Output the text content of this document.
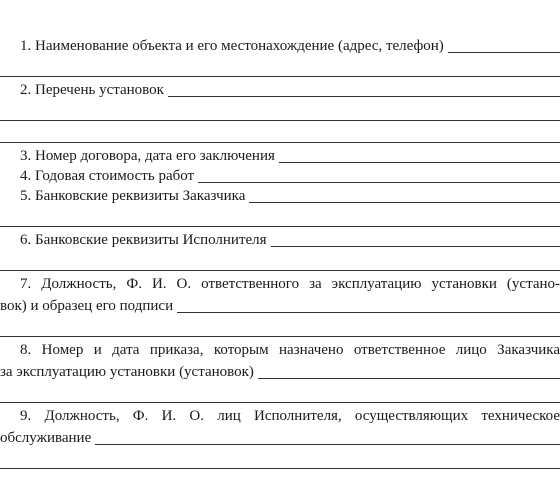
1. Наименование объекта и его местонахождение (адрес, телефон)
2. Перечень установок
3. Номер договора, дата его заключения
4. Годовая стоимость работ
5. Банковские реквизиты Заказчика
6. Банковские реквизиты Исполнителя
7. Должность, Ф. И. О. ответственного за эксплуатацию установки (устано-
вок) и образец его подписи
8. Номер и дата приказа, которым назначено ответственное лицо Заказчика
за эксплуатацию установки (установок)
9. Должность, Ф. И. О. лиц Исполнителя, осуществляющих техническое
обслуживание
